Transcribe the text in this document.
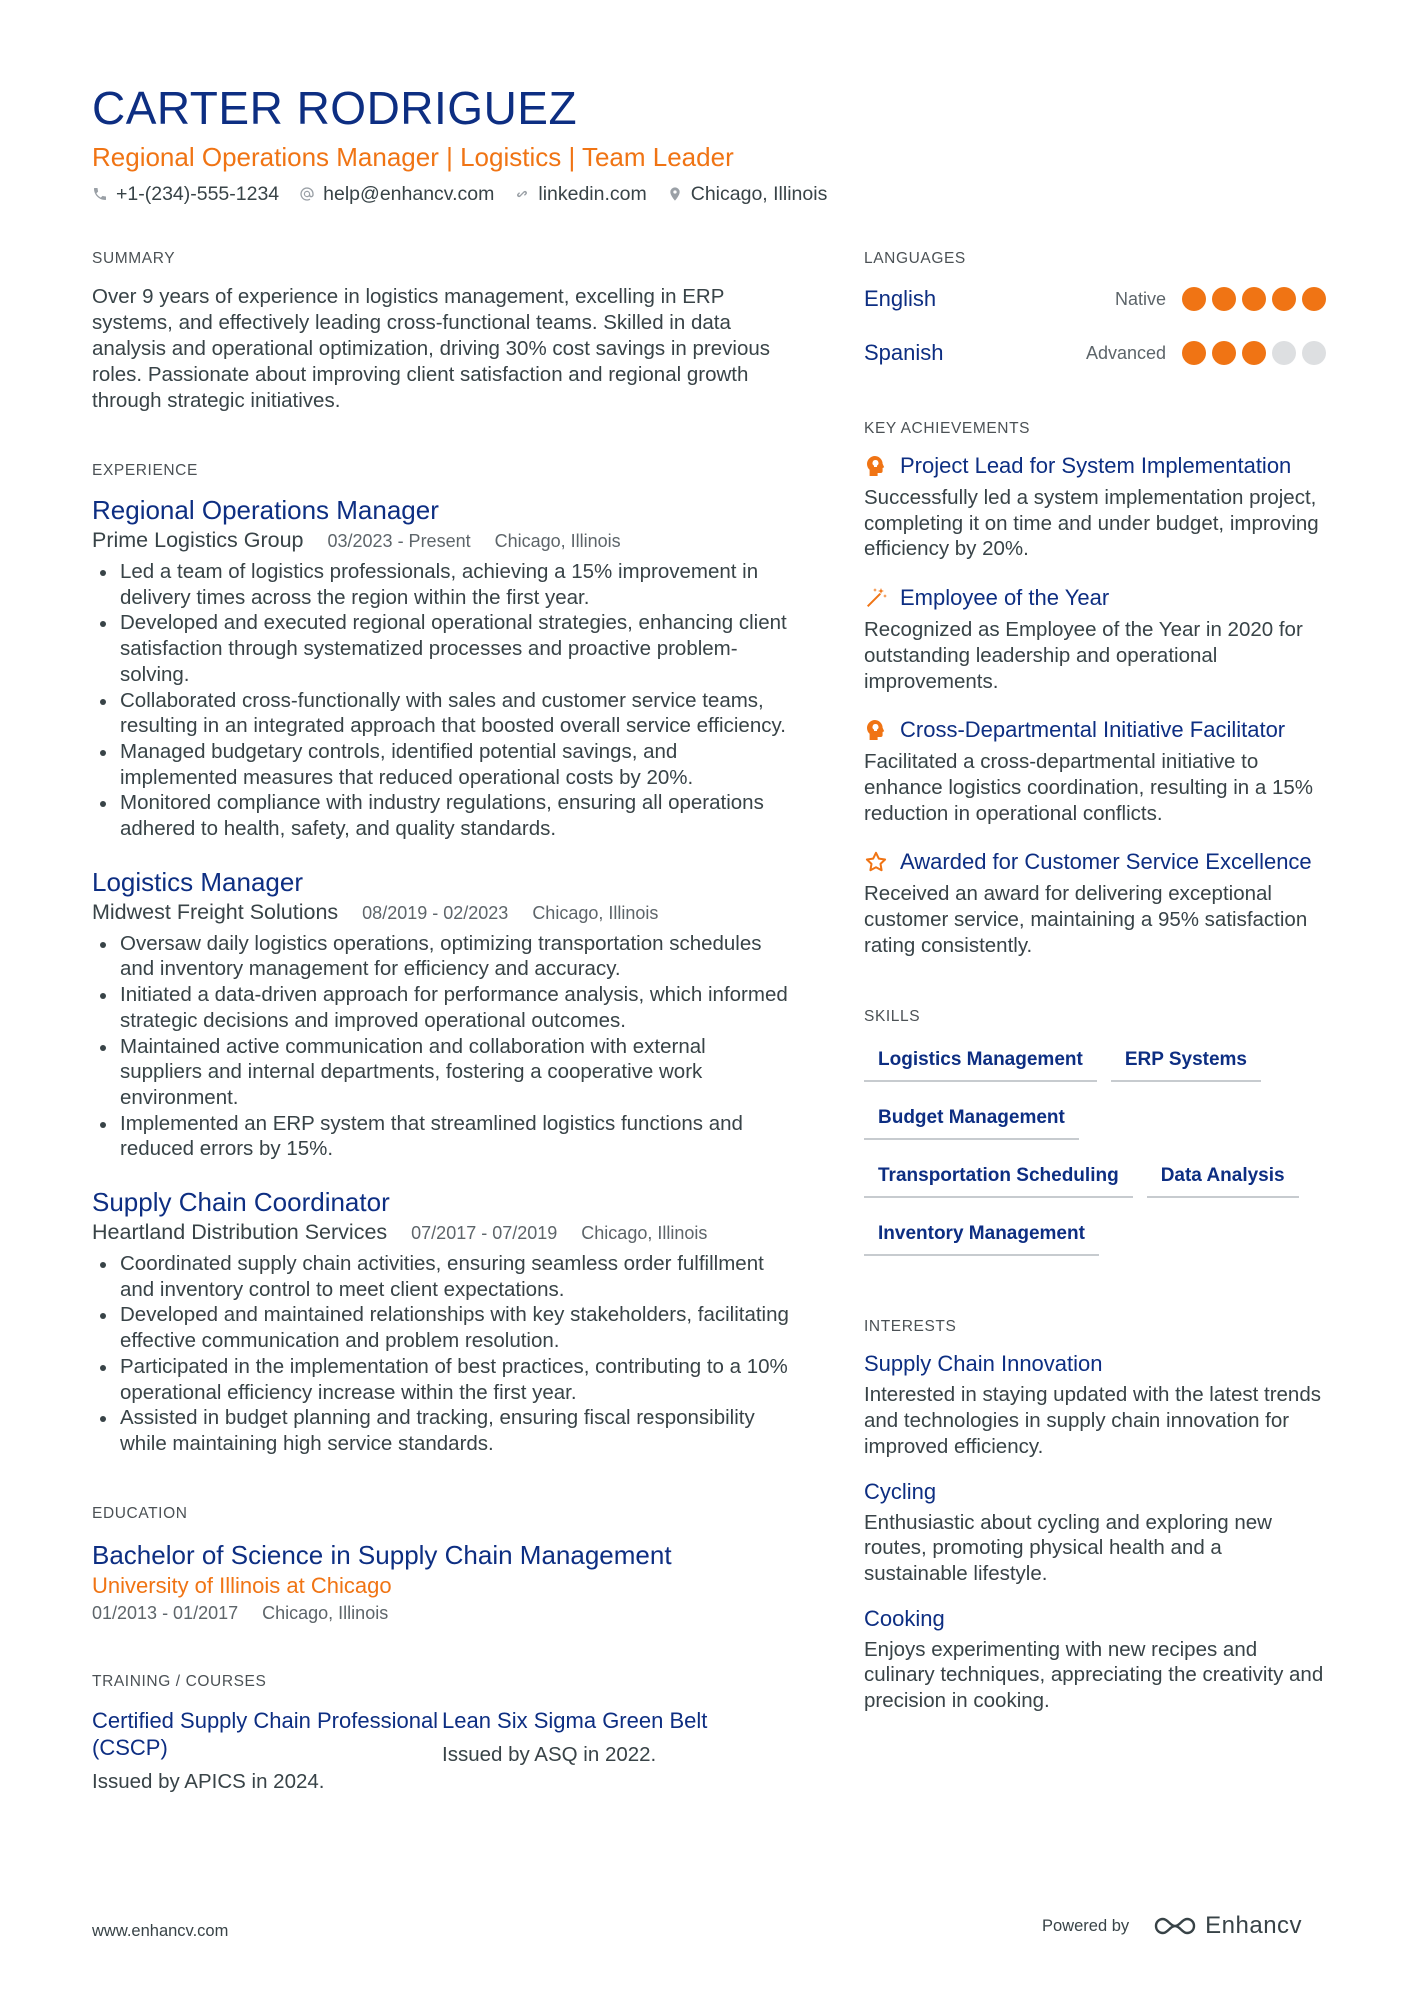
CARTER RODRIGUEZ
Regional Operations Manager | Logistics | Team Leader
+1-(234)-555-1234 help@enhancv.com linkedin.com Chicago, Illinois
SUMMARY
Over 9 years of experience in logistics management, excelling in ERP systems, and effectively leading cross-functional teams. Skilled in data analysis and operational optimization, driving 30% cost savings in previous roles. Passionate about improving client satisfaction and regional growth through strategic initiatives.
EXPERIENCE
Regional Operations Manager
Prime Logistics Group 03/2023 - Present Chicago, Illinois
Led a team of logistics professionals, achieving a 15% improvement in delivery times across the region within the first year.
Developed and executed regional operational strategies, enhancing client satisfaction through systematized processes and proactive problem-solving.
Collaborated cross-functionally with sales and customer service teams, resulting in an integrated approach that boosted overall service efficiency.
Managed budgetary controls, identified potential savings, and implemented measures that reduced operational costs by 20%.
Monitored compliance with industry regulations, ensuring all operations adhered to health, safety, and quality standards.
Logistics Manager
Midwest Freight Solutions 08/2019 - 02/2023 Chicago, Illinois
Oversaw daily logistics operations, optimizing transportation schedules and inventory management for efficiency and accuracy.
Initiated a data-driven approach for performance analysis, which informed strategic decisions and improved operational outcomes.
Maintained active communication and collaboration with external suppliers and internal departments, fostering a cooperative work environment.
Implemented an ERP system that streamlined logistics functions and reduced errors by 15%.
Supply Chain Coordinator
Heartland Distribution Services 07/2017 - 07/2019 Chicago, Illinois
Coordinated supply chain activities, ensuring seamless order fulfillment and inventory control to meet client expectations.
Developed and maintained relationships with key stakeholders, facilitating effective communication and problem resolution.
Participated in the implementation of best practices, contributing to a 10% operational efficiency increase within the first year.
Assisted in budget planning and tracking, ensuring fiscal responsibility while maintaining high service standards.
EDUCATION
Bachelor of Science in Supply Chain Management
University of Illinois at Chicago
01/2013 - 01/2017 Chicago, Illinois
TRAINING / COURSES
Certified Supply Chain Professional (CSCP)
Issued by APICS in 2024.
Lean Six Sigma Green Belt
Issued by ASQ in 2022.
LANGUAGES
English	Native
Spanish	Advanced
KEY ACHIEVEMENTS
Project Lead for System Implementation
Successfully led a system implementation project, completing it on time and under budget, improving efficiency by 20%.
Employee of the Year
Recognized as Employee of the Year in 2020 for outstanding leadership and operational improvements.
Cross-Departmental Initiative Facilitator
Facilitated a cross-departmental initiative to enhance logistics coordination, resulting in a 15% reduction in operational conflicts.
Awarded for Customer Service Excellence
Received an award for delivering exceptional customer service, maintaining a 95% satisfaction rating consistently.
SKILLS
Logistics Management	ERP Systems
Budget Management
Transportation Scheduling	Data Analysis
Inventory Management
INTERESTS
Supply Chain Innovation
Interested in staying updated with the latest trends and technologies in supply chain innovation for improved efficiency.
Cycling
Enthusiastic about cycling and exploring new routes, promoting physical health and a sustainable lifestyle.
Cooking
Enjoys experimenting with new recipes and culinary techniques, appreciating the creativity and precision in cooking.
www.enhancv.com	Powered by	Enhancv
